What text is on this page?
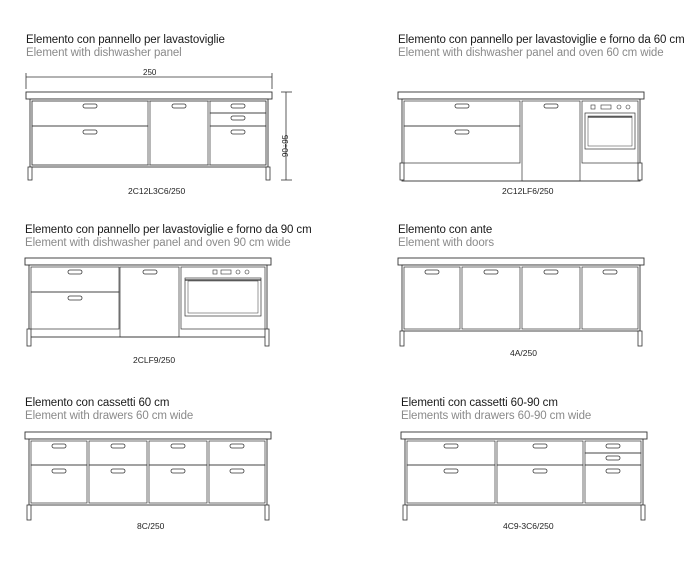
Elemento con pannello per lavastoviglie
Element with dishwasher panel
250
90÷95
2C12L3C6/250
Elemento con pannello per lavastoviglie e forno da 60 cm
Element with dishwasher panel and oven 60 cm wide
2C12LF6/250
Elemento con pannello per lavastoviglie e forno da 90 cm
Element with dishwasher panel and oven 90 cm wide
2CLF9/250
Elemento con ante
Element with doors
4A/250
Elemento con cassetti 60 cm
Element with drawers 60 cm wide
8C/250
Elementi con cassetti 60-90 cm
Elements with drawers 60-90 cm wide
4C9-3C6/250
